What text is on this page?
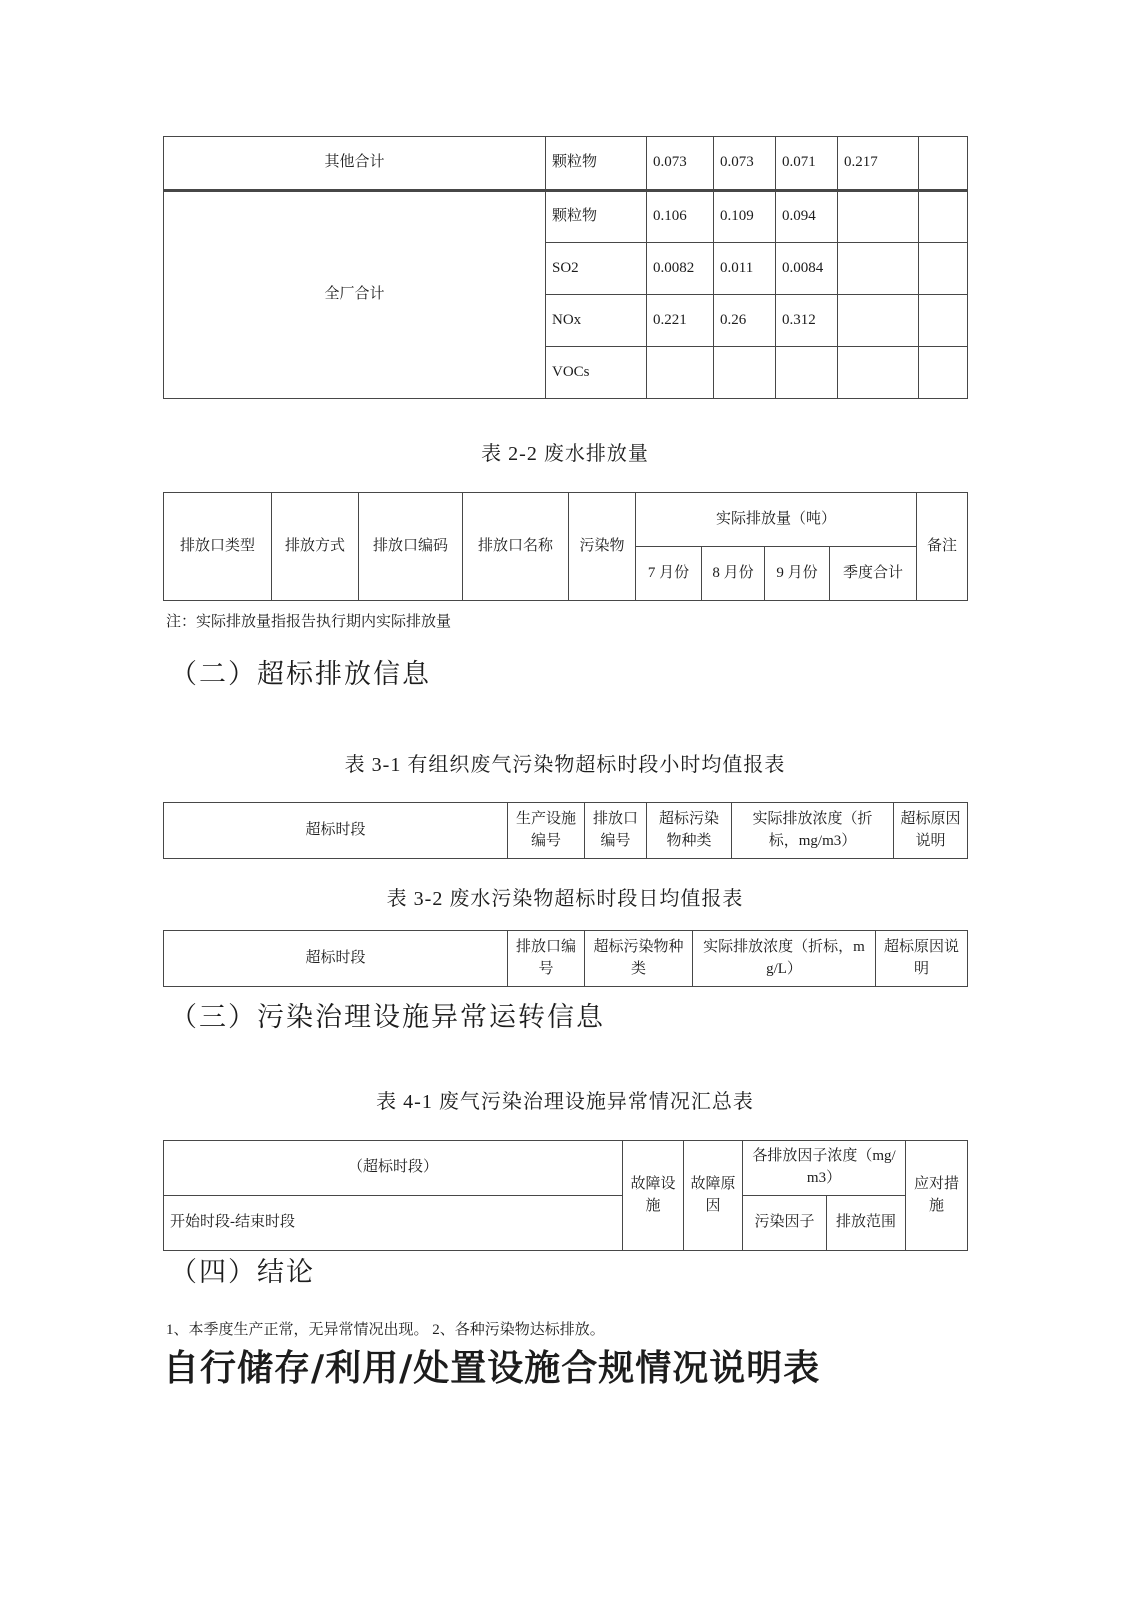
其他合计	颗粒物	0.073	0.073	0.071	0.217	
全厂合计	颗粒物	0.106	0.109	0.094		
	SO2	0.0082	0.011	0.0084		
	NOx	0.221	0.26	0.312		
	VOCs					
表 2-2 废水排放量
排放口类型	排放方式	排放口编码	排放口名称	污染物	实际排放量（吨）				备注
					7 月份	8 月份	9 月份	季度合计	
注：实际排放量指报告执行期内实际排放量
（二）超标排放信息
表 3-1 有组织废气污染物超标时段小时均值报表
超标时段	生产设施编号	排放口编号	超标污染物种类	实际排放浓度（折标，mg/m3）	超标原因说明
表 3-2 废水污染物超标时段日均值报表
超标时段	排放口编号	超标污染物种类	实际排放浓度（折标，mg/L）	超标原因说明
（三）污染治理设施异常运转信息
表 4-1 废气污染治理设施异常情况汇总表
（超标时段）	故障设施	故障原因	各排放因子浓度（mg/m3）		应对措施
开始时段-结束时段			污染因子	排放范围	
（四）结论
1、本季度生产正常，无异常情况出现。 2、各种污染物达标排放。
自行储存/利用/处置设施合规情况说明表
